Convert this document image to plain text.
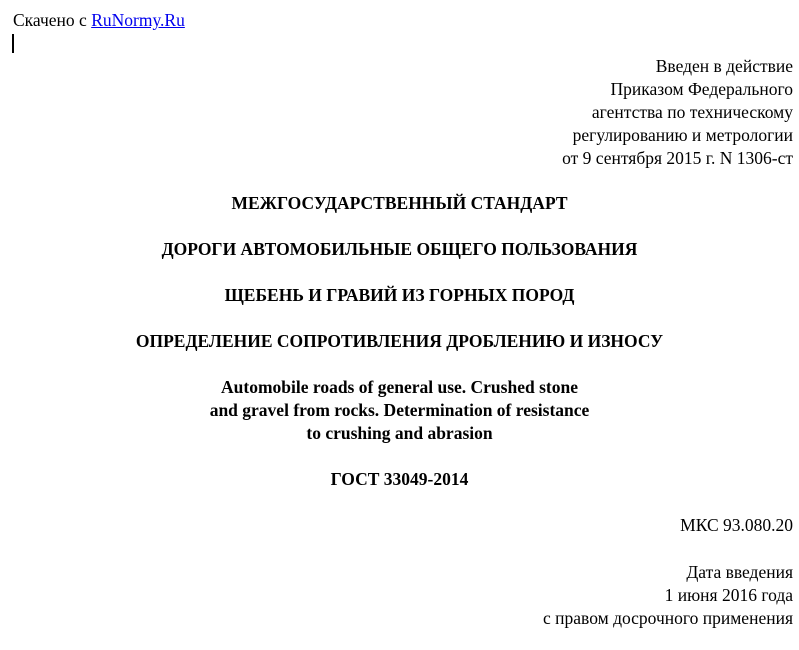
Скачено с RuNormy.Ru
Введен в действие
Приказом Федерального
агентства по техническому
регулированию и метрологии
от 9 сентября 2015 г. N 1306-ст
МЕЖГОСУДАРСТВЕННЫЙ СТАНДАРТ
ДОРОГИ АВТОМОБИЛЬНЫЕ ОБЩЕГО ПОЛЬЗОВАНИЯ
ЩЕБЕНЬ И ГРАВИЙ ИЗ ГОРНЫХ ПОРОД
ОПРЕДЕЛЕНИЕ СОПРОТИВЛЕНИЯ ДРОБЛЕНИЮ И ИЗНОСУ
Automobile roads of general use. Crushed stone
and gravel from rocks. Determination of resistance
to crushing and abrasion
ГОСТ 33049-2014
МКС 93.080.20
Дата введения
1 июня 2016 года
с правом досрочного применения
